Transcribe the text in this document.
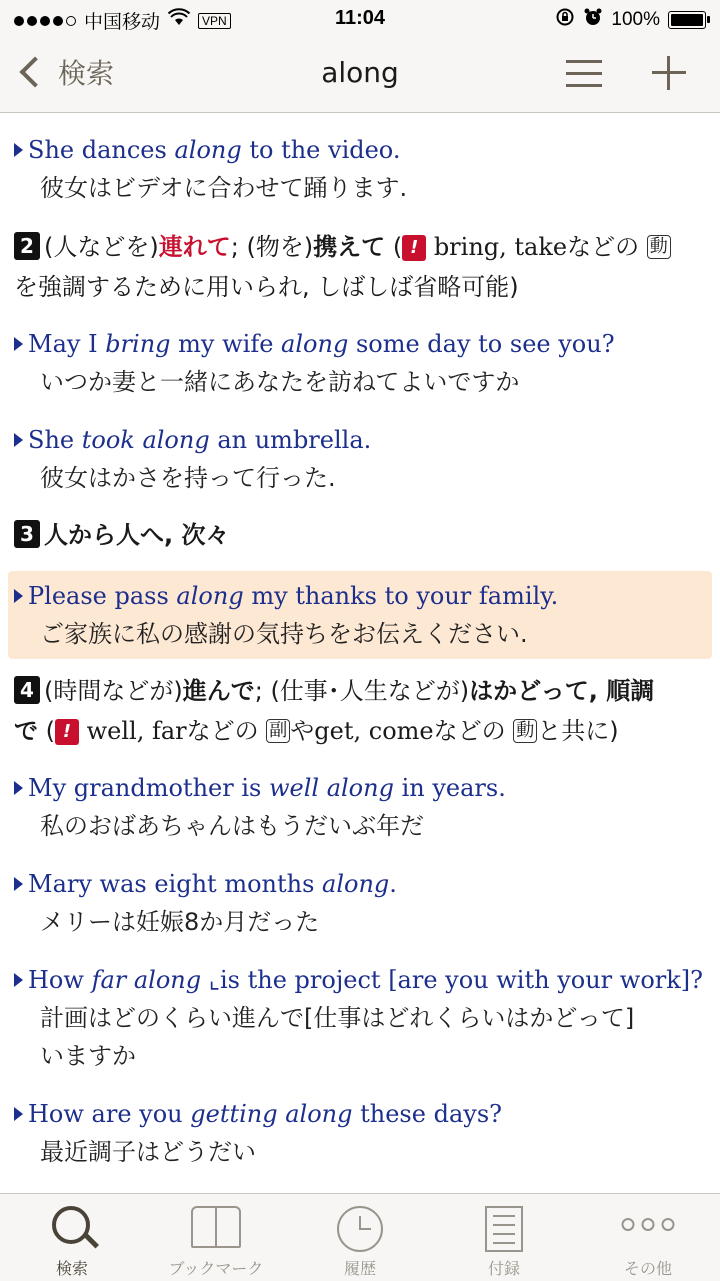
中国移动	VPN	11:04	100%
検索	along
She dances along to the video.
彼女はビデオに合わせて踊ります.
2 (人などを)連れて; (物を)携えて ( ! bring, takeなどの 動
を強調するために用いられ, しばしば省略可能)
May I bring my wife along some day to see you?
いつか妻と一緒にあなたを訪ねてよいですか
She took along an umbrella.
彼女はかさを持って行った.
3 人から人へ, 次々
Please pass along my thanks to your family.
ご家族に私の感謝の気持ちをお伝えください.
4 (時間などが)進んで; (仕事･人生などが)はかどって, 順調
で ( ! well, farなどの 副 やget, comeなどの 動 と共に)
My grandmother is well along in years.
私のおばあちゃんはもうだいぶ年だ
Mary was eight months along.
メリーは妊娠8か月だった
How far along ⌞is the project [are you with your work]?
計画はどのくらい進んで[仕事はどれくらいはかどって]
いますか
How are you getting along these days?
最近調子はどうだい
検索	ブックマーク	履歴	付録	その他
